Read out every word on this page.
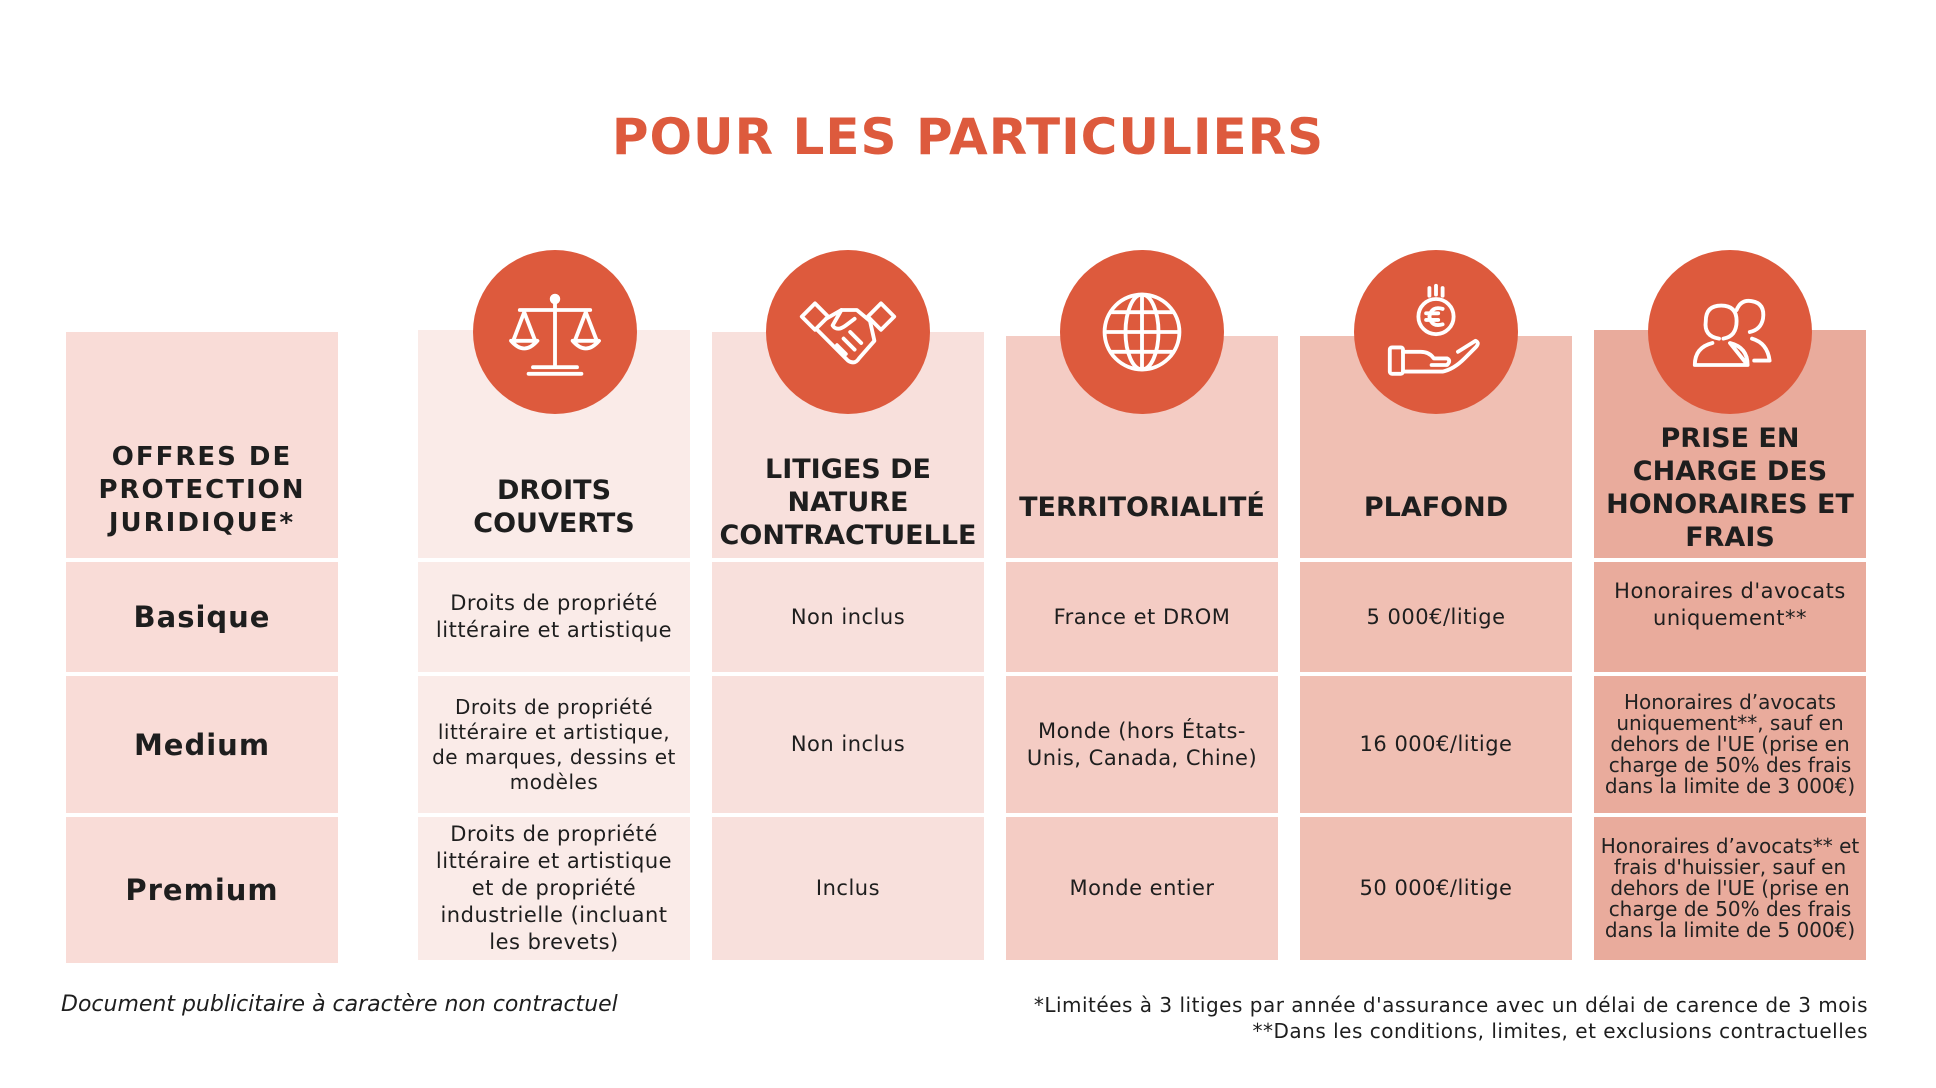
POUR LES PARTICULIERS
OFFRES DE PROTECTION JURIDIQUE*
Basique
Medium
Premium
DROITS COUVERTS
Droits de propriété littéraire et artistique
Droits de propriété littéraire et artistique, de marques, dessins et modèles
Droits de propriété littéraire et artistique et de propriété industrielle (incluant les brevets)
LITIGES DE NATURE CONTRACTUELLE
Non inclus
Non inclus
Inclus
TERRITORIALITÉ
France et DROM
Monde (hors États-Unis, Canada, Chine)
Monde entier
PLAFOND
5 000€/litige
16 000€/litige
50 000€/litige
PRISE EN CHARGE DES HONORAIRES ET FRAIS
Honoraires d'avocats uniquement**
Honoraires d’avocats uniquement**, sauf en dehors de l'UE (prise en charge de 50% des frais dans la limite de 3 000€)
Honoraires d’avocats** et frais d'huissier, sauf en dehors de l'UE (prise en charge de 50% des frais dans la limite de 5 000€)
Document publicitaire à caractère non contractuel	*Limitées à 3 litiges par année d'assurance avec un délai de carence de 3 mois
**Dans les conditions, limites, et exclusions contractuelles
